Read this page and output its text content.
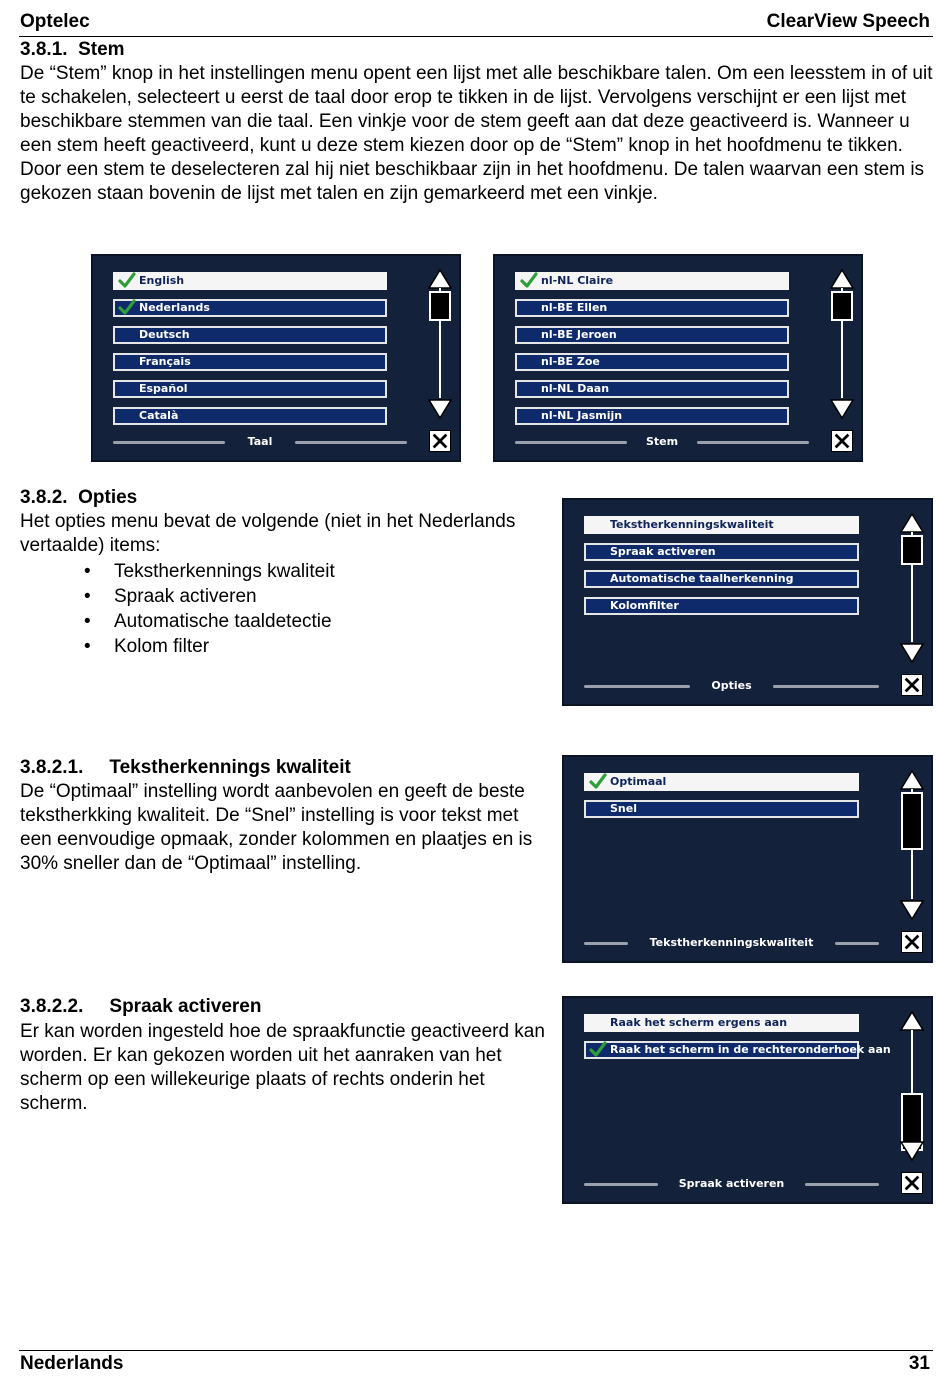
Optelec	ClearView Speech
3.8.1. Stem

De “Stem” knop in het instellingen menu opent een lijst met alle beschikbare talen. Om een leesstem in of uit te schakelen, selecteert u eerst de taal door erop te tikken in de lijst. Vervolgens verschijnt er een lijst met beschikbare stemmen van die taal. Een vinkje voor de stem geeft aan dat deze geactiveerd is. Wanneer u een stem heeft geactiveerd, kunt u deze stem kiezen door op de “Stem” knop in het hoofdmenu te tikken. Door een stem te deselecteren zal hij niet beschikbaar zijn in het hoofdmenu. De talen waarvan een stem is gekozen staan bovenin de lijst met talen en zijn gemarkeerd met een vinkje.

English
Nederlands
Deutsch
Français
Español
Català
Taal
nl-NL Claire
nl-BE Ellen
nl-BE Jeroen
nl-BE Zoe
nl-NL Daan
nl-NL Jasmijn
Stem
3.8.2. Opties

Het opties menu bevat de volgende (niet in het Nederlands vertaalde) items:

• Tekstherkennings kwaliteit
• Spraak activeren
• Automatische taaldetectie
• Kolom filter
Tekstherkenningskwaliteit
Spraak activeren
Automatische taalherkenning
Kolomfilter
Opties
3.8.2.1. Tekstherkennings kwaliteit

De “Optimaal” instelling wordt aanbevolen en geeft de beste tekstherkking kwaliteit. De “Snel” instelling is voor tekst met een eenvoudige opmaak, zonder kolommen en plaatjes en is 30% sneller dan de “Optimaal” instelling.

Optimaal
Snel
Tekstherkenningskwaliteit
3.8.2.2. Spraak activeren

Er kan worden ingesteld hoe de spraakfunctie geactiveerd kan worden. Er kan gekozen worden uit het aanraken van het scherm op een willekeurige plaats of rechts onderin het scherm.

Raak het scherm ergens aan
Raak het scherm in de rechteronderhoek aan
Spraak activeren
Nederlands	31
